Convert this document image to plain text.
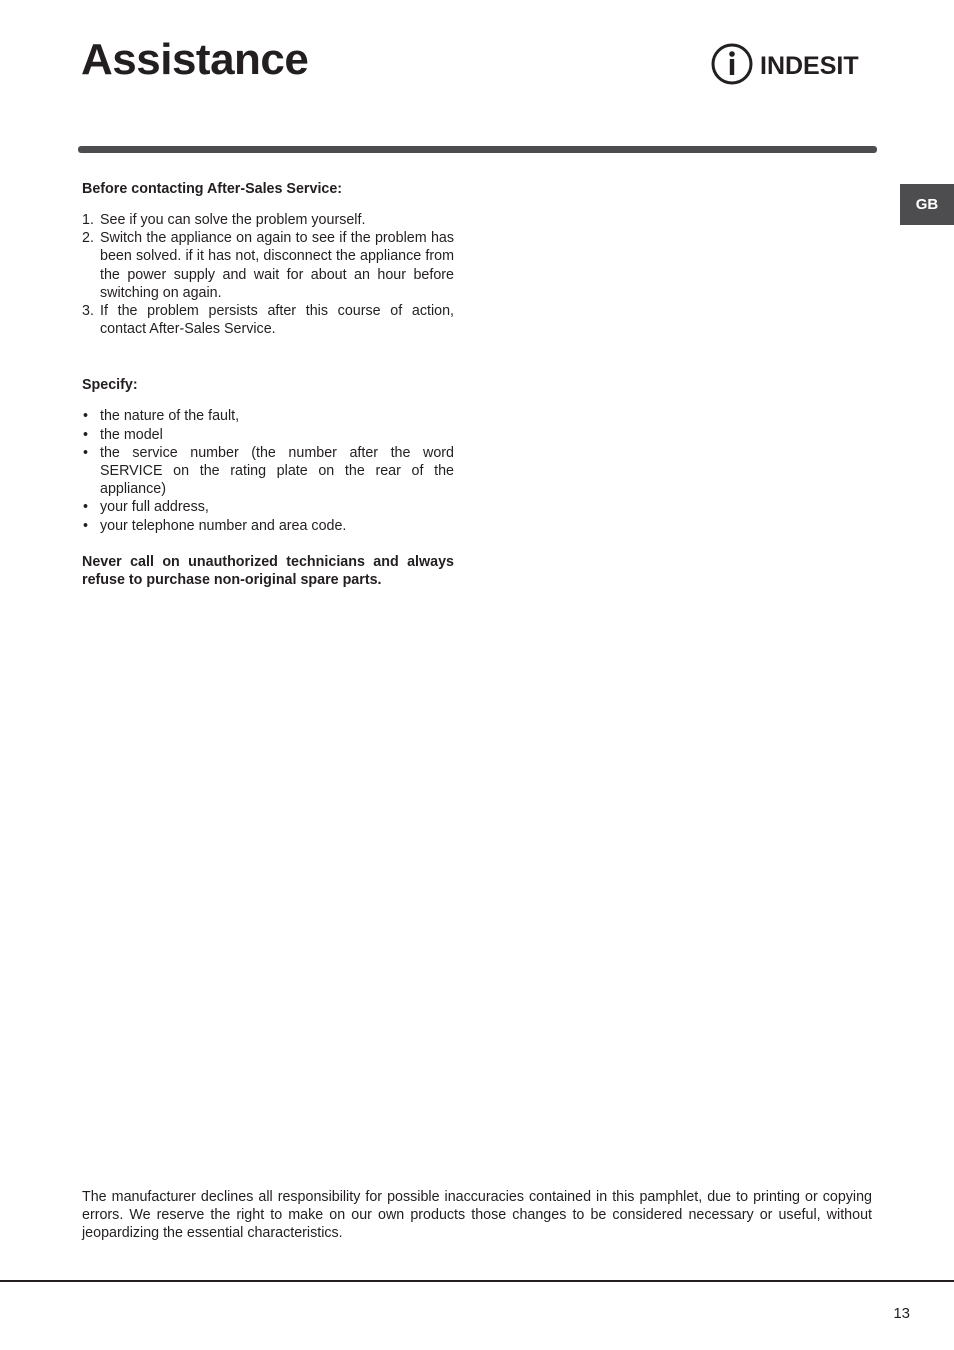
Assistance	INDESIT
GB
Before contacting After-Sales Service:
1. See if you can solve the problem yourself.
2. Switch the appliance on again to see if the problem has been solved. if it has not, disconnect the appliance from the power supply and wait for about an hour before switching on again.
3. If the problem persists after this course of action, contact After-Sales Service.
Specify:
• the nature of the fault,
• the model
• the service number (the number after the word SERVICE on the rating plate on the rear of the appliance)
• your full address,
• your telephone number and area code.

Never call on unauthorized technicians and always refuse to purchase non-original spare parts.

The manufacturer declines all responsibility for possible inaccuracies contained in this pamphlet, due to printing or copying errors. We reserve the right to make on our own products those changes to be considered necessary or useful, without jeopardizing the essential characteristics.

13
